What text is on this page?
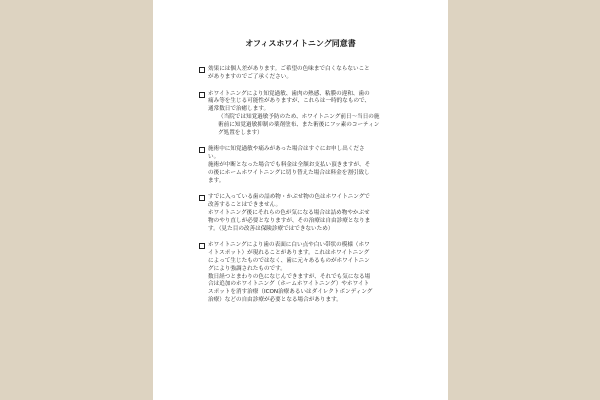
オフィスホワイトニング同意書
効果には個人差があります。ご希望の色味まで白くならないこと
がありますのでご了承ください。
ホワイトニングにより知覚過敏、歯肉の熱感、粘膜の違和、歯の
痛み等を生じる可能性がありますが、これらは一時的なもので、
通常数日で治癒します。
（当院では知覚過敏予防のため、ホワイトニング前日〜当日の施
術前に知覚過敏抑制の薬剤塗布、また術後にフッ素のコーティン
グ処置をします）
施術中に知覚過敏や痛みがあった場合はすぐにお申し出くださ
い。
施術が中断となった場合でも料金は全額お支払い頂きますが、そ
の後にホームホワイトニングに切り替えた場合は料金を割引致し
ます。
すでに入っている歯の詰め物・かぶせ物の色はホワイトニングで
改善することはできません。
ホワイトニング後にそれらの色が気になる場合は詰め物やかぶせ
物のやり直しが必要となりますが、その治療は自由診療となりま
す。（見た目の改善は保険診療ではできないため）
ホワイトニングにより歯の表面に白い点や白い帯状の模様（ホワ
イトスポット）が現れることがあります。これはホワイトニング
によって生じたものではなく、歯に元々あるものがホワイトニン
グにより強調されたものです。
数日経つとまわりの色になじんできますが、それでも気になる場
合は追加のホワイトニング（ホームホワイトニング）やホワイト
スポットを消す治療（ICON治療あるいはダイレクトボンディング
治療）などの自由診療が必要となる場合があります。
